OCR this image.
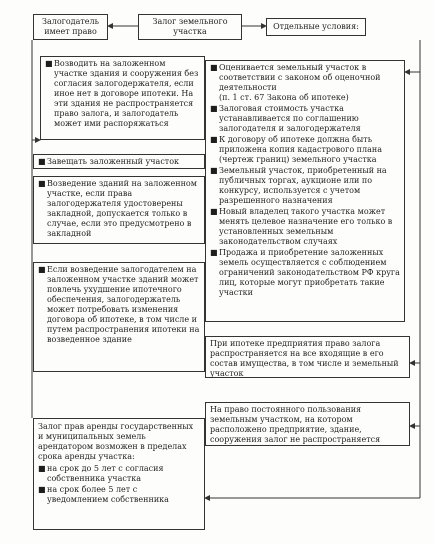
Залогодатель
имеет право
Залог земельного
участка
Отдельные условия:
■ Возводить на заложенном участке здания и сооружения без согласия залогодержателя, если иное нет в договоре ипотеки. На эти здания не распространяется право залога, и залогодатель может ими распоряжаться
■ Завещать заложенный участок
■ Возведение зданий на заложенном участке, если права залогодержателя удостоверены закладной, допускается только в случае, если это предусмотрено в закладной
■ Если возведение залогодателем на заложенном участке зданий может повлечь ухудшение ипотечного обеспечения, залогодержатель может потребовать изменения договора об ипотеке, в том числе и путем распространения ипотеки на возведенное здание
■ Оценивается земельный участок в соответствии с законом об оценочной деятельности
(п. 1 ст. 67 Закона об ипотеке)
■ Залоговая стоимость участка устанавливается по соглашению залогодателя и залогодержателя
■ К договору об ипотеке должна быть приложена копия кадастрового плана (чертеж границ) земельного участка
■ Земельный участок, приобретенный на публичных торгах, аукционе или по конкурсу, используется с учетом разрешенного назначения
■ Новый владелец такого участка может менять целевое назначение его только в установленных земельным законодательством случаях
■ Продажа и приобретение заложенных земель осуществляется с соблюдением ограничений законодательством РФ круга лиц, которые могут приобретать такие участки
При ипотеке предприятия право залога распространяется на все входящие в его состав имущества, в том числе и земельный участок
На право постоянного пользования земельным участком, на котором расположено предприятие, здание, сооружения залог не распространяется
Залог прав аренды государственных и муниципальных земель арендатором возможен в пределах срока аренды участка:
■ на срок до 5 лет с согласия собственника участка
■ на срок более 5 лет с уведомлением собственника
